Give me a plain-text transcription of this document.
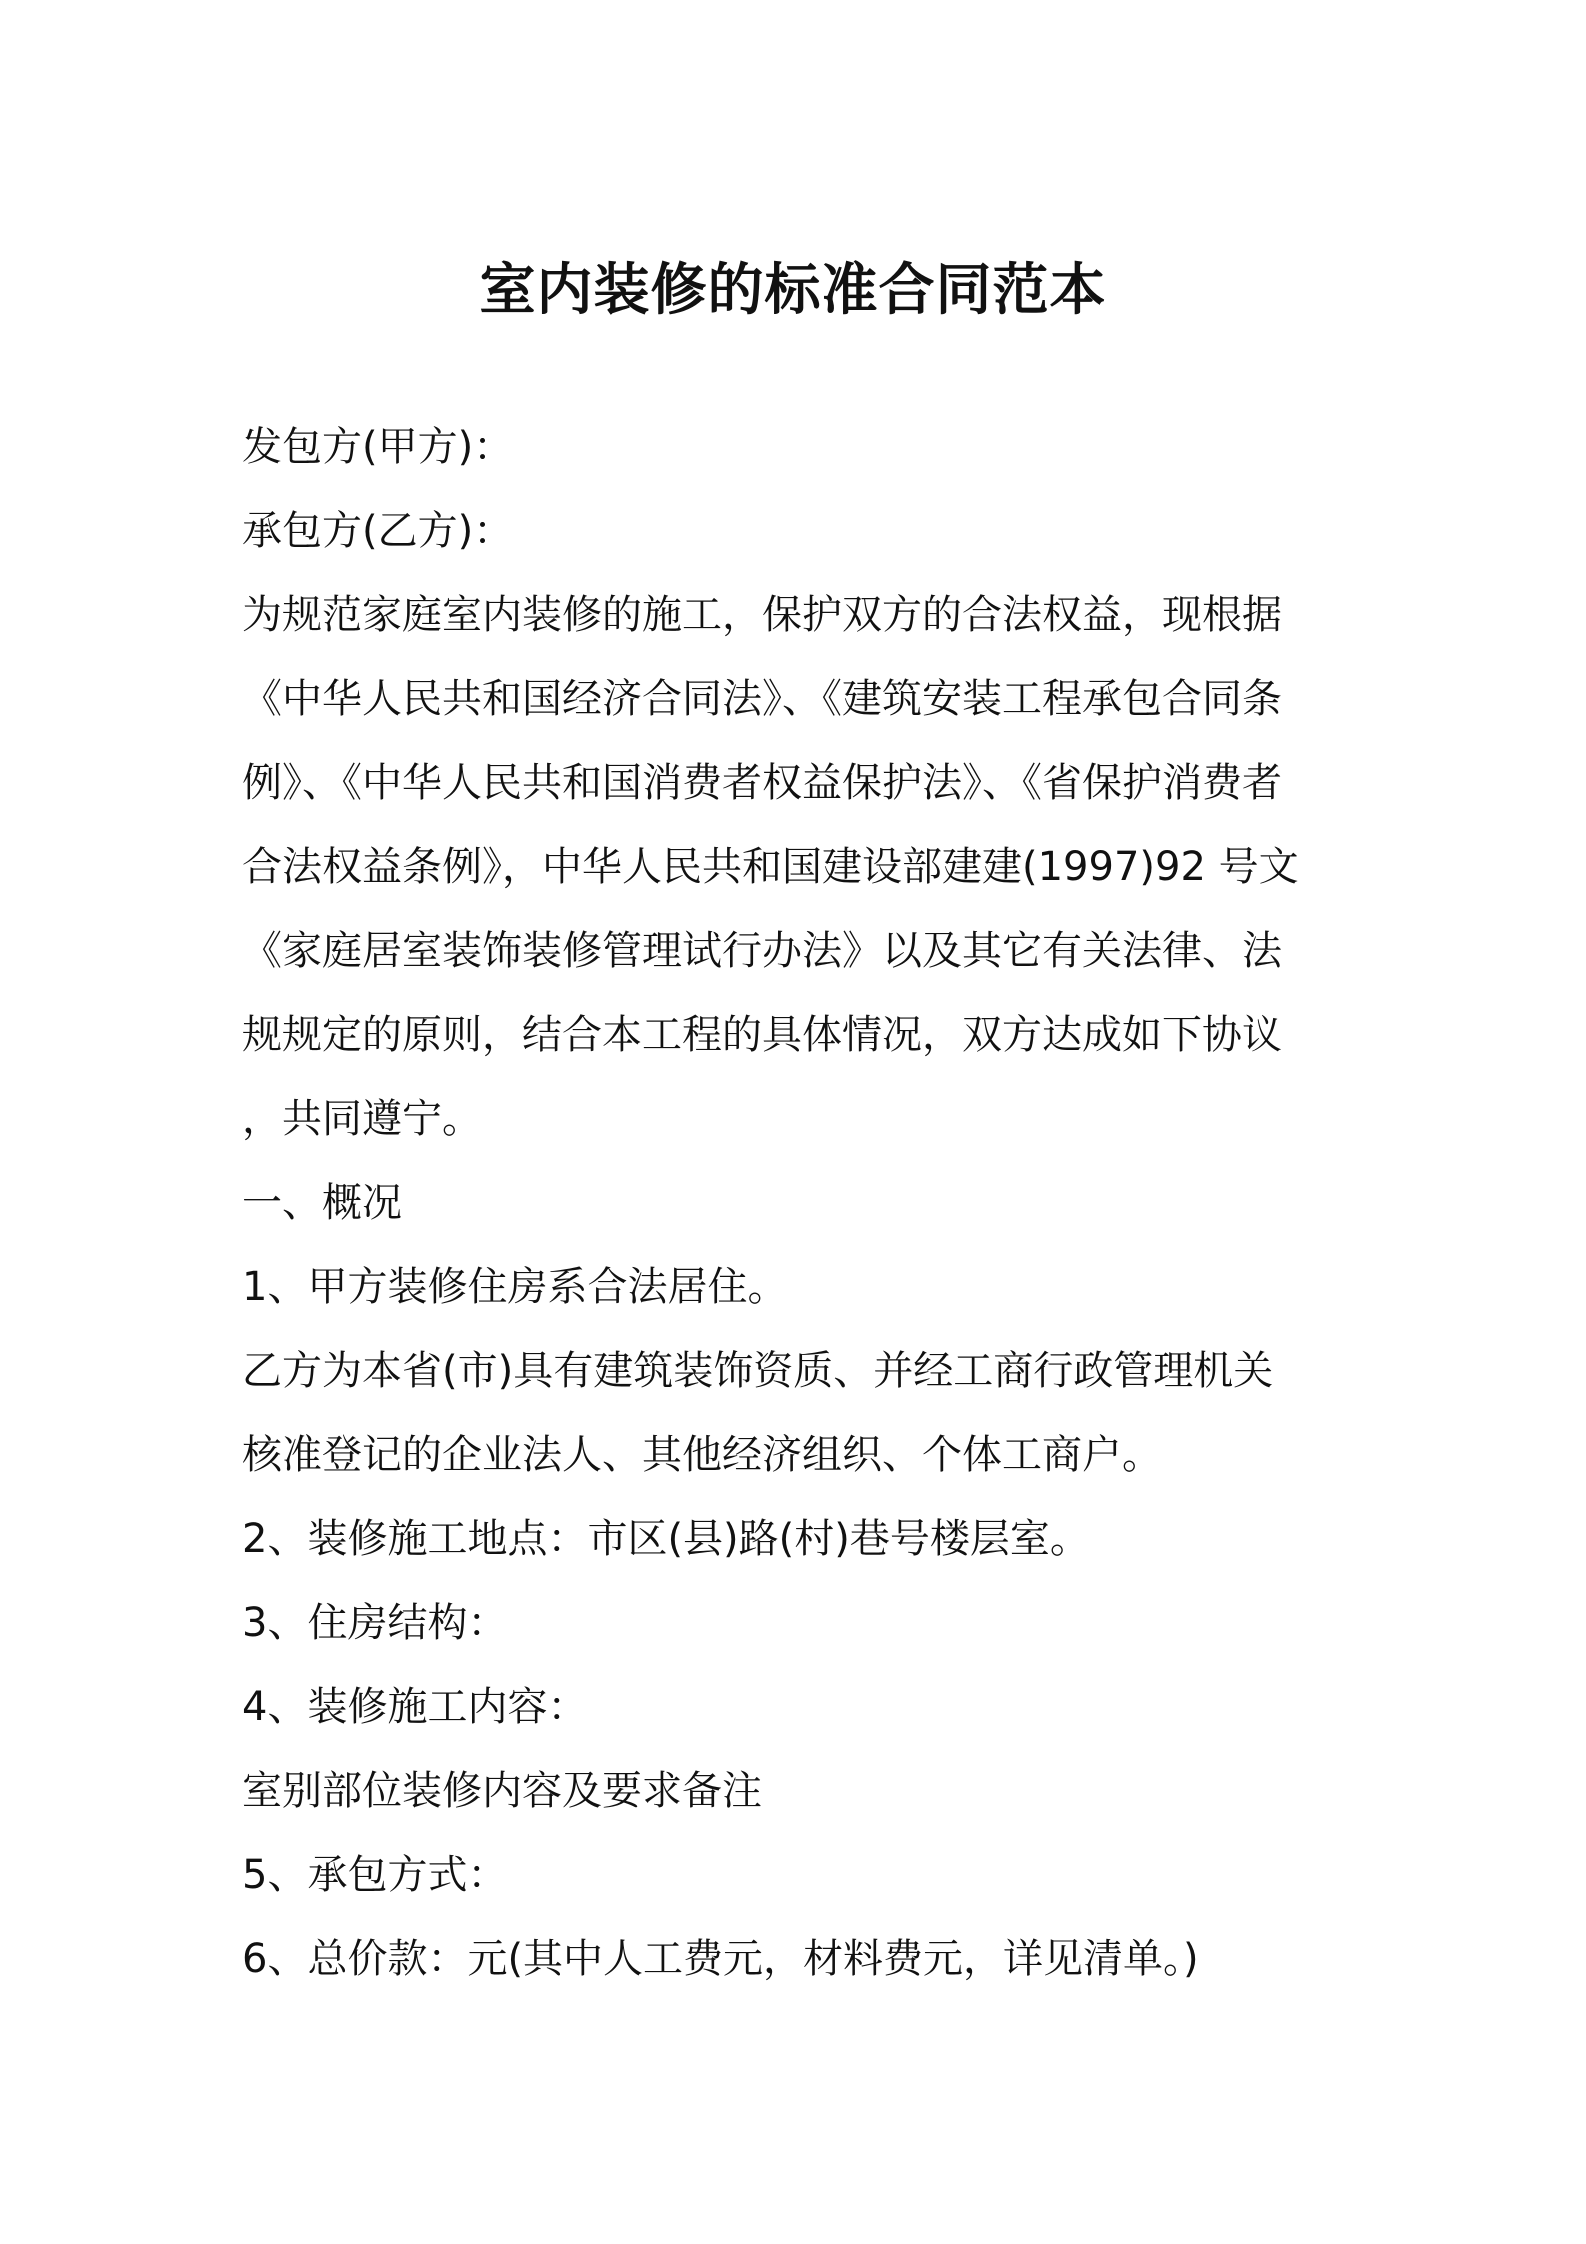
室内装修的标准合同范本

发包方(甲方)：

承包方(乙方)：

为规范家庭室内装修的施工，保护双方的合法权益，现根据

《中华人民共和国经济合同法》、《建筑安装工程承包合同条

例》、《中华人民共和国消费者权益保护法》、《省保护消费者

合法权益条例》，中华人民共和国建设部建建(1997)92 号文

《家庭居室装饰装修管理试行办法》以及其它有关法律、法

规规定的原则，结合本工程的具体情况，双方达成如下协议

，共同遵宁。

一、概况

1、甲方装修住房系合法居住。

乙方为本省(市)具有建筑装饰资质、并经工商行政管理机关

核准登记的企业法人、其他经济组织、个体工商户。

2、装修施工地点：市区(县)路(村)巷号楼层室。

3、住房结构：

4、装修施工内容：

室别部位装修内容及要求备注

5、承包方式：

6、总价款：元(其中人工费元，材料费元，详见清单。)
